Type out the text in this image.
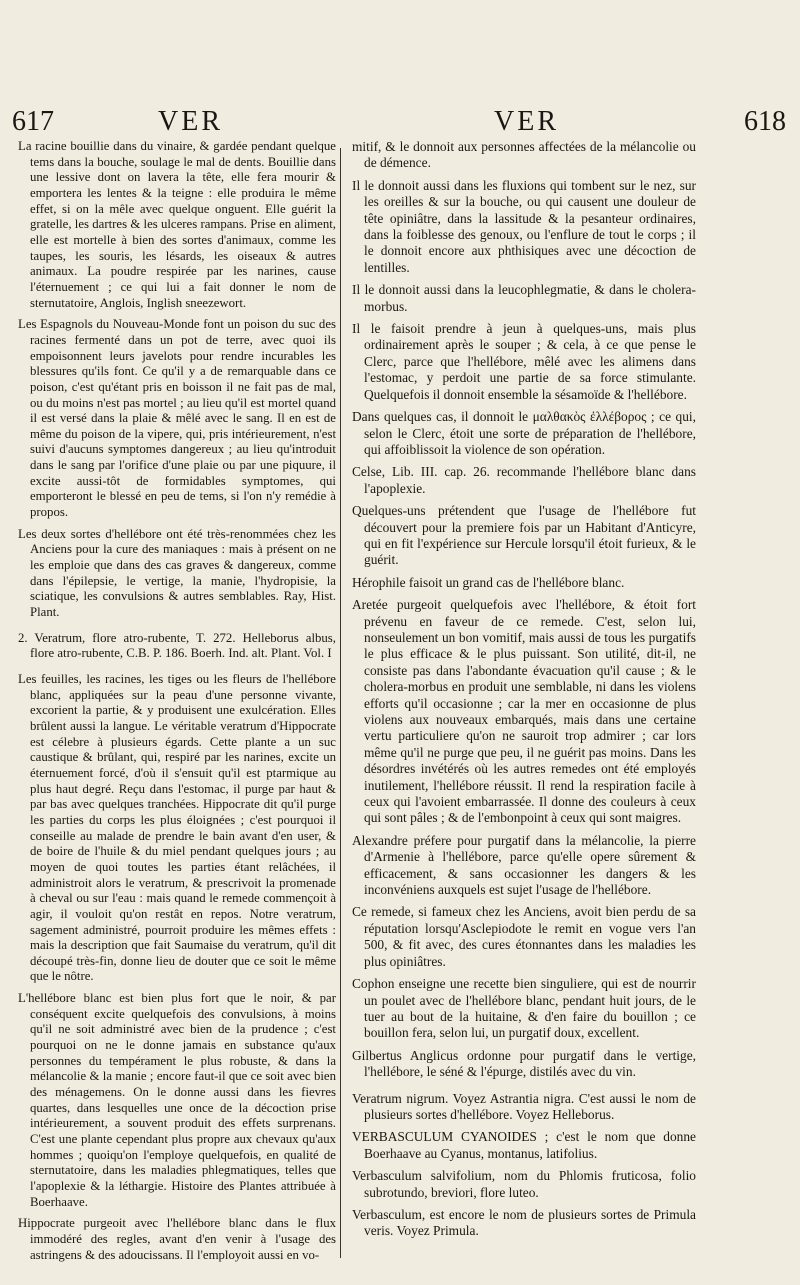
617	VER	VER	618

La racine bouillie dans du vinaire, & gardée pendant quelque tems dans la bouche, soulage le mal de dents. Bouillie dans une lessive dont on lavera la tête, elle fera mourir & emportera les lentes & la teigne : elle produira le même effet, si on la mêle avec quelque onguent. Elle guérit la gratelle, les dartres & les ulceres rampans. Prise en aliment, elle est mortelle à bien des sortes d'animaux, comme les taupes, les souris, les lésards, les oiseaux & autres animaux. La poudre respirée par les narines, cause l'éternuement ; ce qui lui a fait donner le nom de sternutatoire, Anglois, Inglish sneezewort.

Les Espagnols du Nouveau-Monde font un poison du suc des racines fermenté dans un pot de terre, avec quoi ils empoisonnent leurs javelots pour rendre incurables les blessures qu'ils font. Ce qu'il y a de remarquable dans ce poison, c'est qu'étant pris en boisson il ne fait pas de mal, ou du moins n'est pas mortel ; au lieu qu'il est mortel quand il est versé dans la plaie & mêlé avec le sang. Il en est de même du poison de la vipere, qui, pris intérieurement, n'est suivi d'aucuns symptomes dangereux ; au lieu qu'introduit dans le sang par l'orifice d'une plaie ou par une piquure, il excite aussi-tôt de formidables symptomes, qui emporteront le blessé en peu de tems, si l'on n'y remédie à propos.

Les deux sortes d'hellébore ont été très-renommées chez les Anciens pour la cure des maniaques : mais à présent on ne les emploie que dans des cas graves & dangereux, comme dans l'épilepsie, le vertige, la manie, l'hydropisie, la sciatique, les convulsions & autres semblables. Ray, Hist. Plant.

2. Veratrum, flore atro-rubente, T. 272. Helleborus albus, flore atro-rubente, C.B. P. 186. Boerh. Ind. alt. Plant. Vol. I

Les feuilles, les racines, les tiges ou les fleurs de l'hellébore blanc, appliquées sur la peau d'une personne vivante, excorient la partie, & y produisent une exulcération. Elles brûlent aussi la langue. Le véritable veratrum d'Hippocrate est célebre à plusieurs égards. Cette plante a un suc caustique & brûlant, qui, respiré par les narines, excite un éternuement forcé, d'où il s'ensuit qu'il est ptarmique au plus haut degré. Reçu dans l'estomac, il purge par haut & par bas avec quelques tranchées. Hippocrate dit qu'il purge les parties du corps les plus éloignées ; c'est pourquoi il conseille au malade de prendre le bain avant d'en user, & de boire de l'huile & du miel pendant quelques jours ; au moyen de quoi toutes les parties étant relâchées, il administroit alors le veratrum, & prescrivoit la promenade à cheval ou sur l'eau : mais quand le remede commençoit à agir, il vouloit qu'on restât en repos. Notre veratrum, sagement administré, pourroit produire les mêmes effets : mais la description que fait Saumaise du veratrum, qu'il dit découpé très-fin, donne lieu de douter que ce soit le même que le nôtre.

L'hellébore blanc est bien plus fort que le noir, & par conséquent excite quelquefois des convulsions, à moins qu'il ne soit administré avec bien de la prudence ; c'est pourquoi on ne le donne jamais en substance qu'aux personnes du tempérament le plus robuste, & dans la mélancolie & la manie ; encore faut-il que ce soit avec bien des ménagemens. On le donne aussi dans les fievres quartes, dans lesquelles une once de la décoction prise intérieurement, a souvent produit des effets surprenans. C'est une plante cependant plus propre aux chevaux qu'aux hommes ; quoiqu'on l'employe quelquefois, en qualité de sternutatoire, dans les maladies phlegmatiques, telles que l'apoplexie & la léthargie. Histoire des Plantes attribuée à Boerhaave.

Hippocrate purgeoit avec l'hellébore blanc dans le flux immodéré des regles, avant d'en venir à l'usage des astringens & des adoucissans. Il l'employoit aussi en vo-

mitif, & le donnoit aux personnes affectées de la mélancolie ou de démence.

Il le donnoit aussi dans les fluxions qui tombent sur le nez, sur les oreilles & sur la bouche, ou qui causent une douleur de tête opiniâtre, dans la lassitude & la pesanteur ordinaires, dans la foiblesse des genoux, ou l'enflure de tout le corps ; il le donnoit encore aux phthisiques avec une décoction de lentilles.

Il le donnoit aussi dans la leucophlegmatie, & dans le cholera-morbus.

Il le faisoit prendre à jeun à quelques-uns, mais plus ordinairement après le souper ; & cela, à ce que pense le Clerc, parce que l'hellébore, mêlé avec les alimens dans l'estomac, y perdoit une partie de sa force stimulante. Quelquefois il donnoit ensemble la sésamoïde & l'hellébore.

Dans quelques cas, il donnoit le μαλθακὸς ἐλλέβορος ; ce qui, selon le Clerc, étoit une sorte de préparation de l'hellébore, qui affoiblissoit la violence de son opération.

Celse, Lib. III. cap. 26. recommande l'hellébore blanc dans l'apoplexie.

Quelques-uns prétendent que l'usage de l'hellébore fut découvert pour la premiere fois par un Habitant d'Anticyre, qui en fit l'expérience sur Hercule lorsqu'il étoit furieux, & le guérit.

Hérophile faisoit un grand cas de l'hellébore blanc.

Aretée purgeoit quelquefois avec l'hellébore, & étoit fort prévenu en faveur de ce remede. C'est, selon lui, nonseulement un bon vomitif, mais aussi de tous les purgatifs le plus efficace & le plus puissant. Son utilité, dit-il, ne consiste pas dans l'abondante évacuation qu'il cause ; & le cholera-morbus en produit une semblable, ni dans les violens efforts qu'il occasionne ; car la mer en occasionne de plus violens aux nouveaux embarqués, mais dans une certaine vertu particuliere qu'on ne sauroit trop admirer ; car lors même qu'il ne purge que peu, il ne guérit pas moins. Dans les désordres invétérés où les autres remedes ont été employés inutilement, l'hellébore réussit. Il rend la respiration facile à ceux qui l'avoient embarrassée. Il donne des couleurs à ceux qui sont pâles ; & de l'embonpoint à ceux qui sont maigres.

Alexandre préfere pour purgatif dans la mélancolie, la pierre d'Armenie à l'hellébore, parce qu'elle opere sûrement & efficacement, & sans occasionner les dangers & les inconvéniens auxquels est sujet l'usage de l'hellébore.

Ce remede, si fameux chez les Anciens, avoit bien perdu de sa réputation lorsqu'Asclepiodote le remit en vogue vers l'an 500, & fit avec, des cures étonnantes dans les maladies les plus opiniâtres.

Cophon enseigne une recette bien singuliere, qui est de nourrir un poulet avec de l'hellébore blanc, pendant huit jours, de le tuer au bout de la huitaine, & d'en faire du bouillon ; ce bouillon fera, selon lui, un purgatif doux, excellent.

Gilbertus Anglicus ordonne pour purgatif dans le vertige, l'hellébore, le séné & l'épurge, distilés avec du vin.

Veratrum nigrum. Voyez Astrantia nigra. C'est aussi le nom de plusieurs sortes d'hellébore. Voyez Helleborus.

VERBASCULUM CYANOIDES ; c'est le nom que donne Boerhaave au Cyanus, montanus, latifolius.

Verbasculum salvifolium, nom du Phlomis fruticosa, folio subrotundo, breviori, flore luteo.

Verbasculum, est encore le nom de plusieurs sortes de Primula veris. Voyez Primula.
